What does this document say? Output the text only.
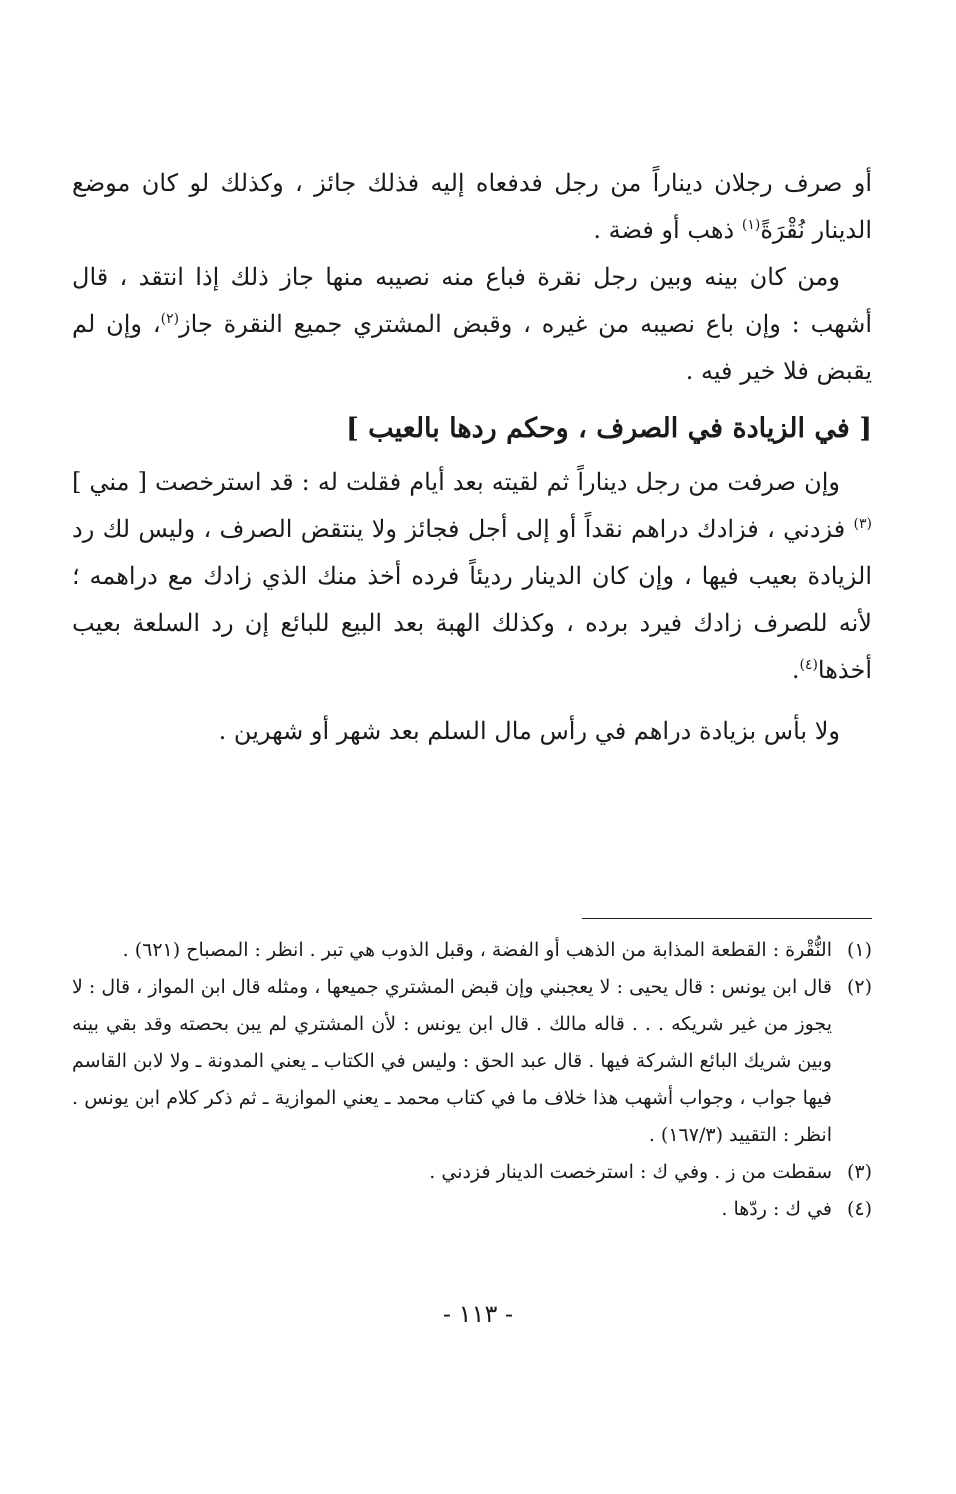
أو صرف رجلان ديناراً من رجل فدفعاه إليه فذلك جائز ، وكذلك لو كان موضع الدينار نُقْرَةً$^{(١)}$ ذهب أو فضة .

ومن كان بينه وبين رجل نقرة فباع منه نصيبه منها جاز ذلك إذا انتقد ، قال أشهب : وإن باع نصيبه من غيره ، وقبض المشتري جميع النقرة جاز$^{(٢)}$، وإن لم يقبض فلا خير فيه .

[ في الزيادة في الصرف ، وحكم ردها بالعيب ]

وإن صرفت من رجل ديناراً ثم لقيته بعد أيام فقلت له : قد استرخصت [ مني ]$^{(٣)}$ فزدني ، فزادك دراهم نقداً أو إلى أجل فجائز ولا ينتقض الصرف ، وليس لك رد الزيادة بعيب فيها ، وإن كان الدينار رديئاً فرده أخذ منك الذي زادك مع دراهمه ؛ لأنه للصرف زادك فيرد برده ، وكذلك الهبة بعد البيع للبائع إن رد السلعة بعيب أخذها$^{(٤)}$.

ولا بأس بزيادة دراهم في رأس مال السلم بعد شهر أو شهرين .

(١)
النُّقْرة : القطعة المذابة من الذهب أو الفضة ، وقبل الذوب هي تبر . انظر : المصباح (٦٢١) .

(٢)
قال ابن يونس : قال يحيى : لا يعجبني وإن قبض المشتري جميعها ، ومثله قال ابن المواز ، قال : لا يجوز من غير شريكه . . . قاله مالك . قال ابن يونس : لأن المشتري لم يبن بحصته وقد بقي بينه وبين شريك البائع الشركة فيها . قال عبد الحق : وليس في الكتاب ـ يعني المدونة ـ ولا لابن القاسم فيها جواب ، وجواب أشهب هذا خلاف ما في كتاب محمد ـ يعني الموازية ـ ثم ذكر كلام ابن يونس . انظر : التقييد (١٦٧/٣) .

(٣)
سقطت من ز . وفي ك : استرخصت الدينار فزدني .

(٤)
في ك : ردّها .

- ١١٣ -
